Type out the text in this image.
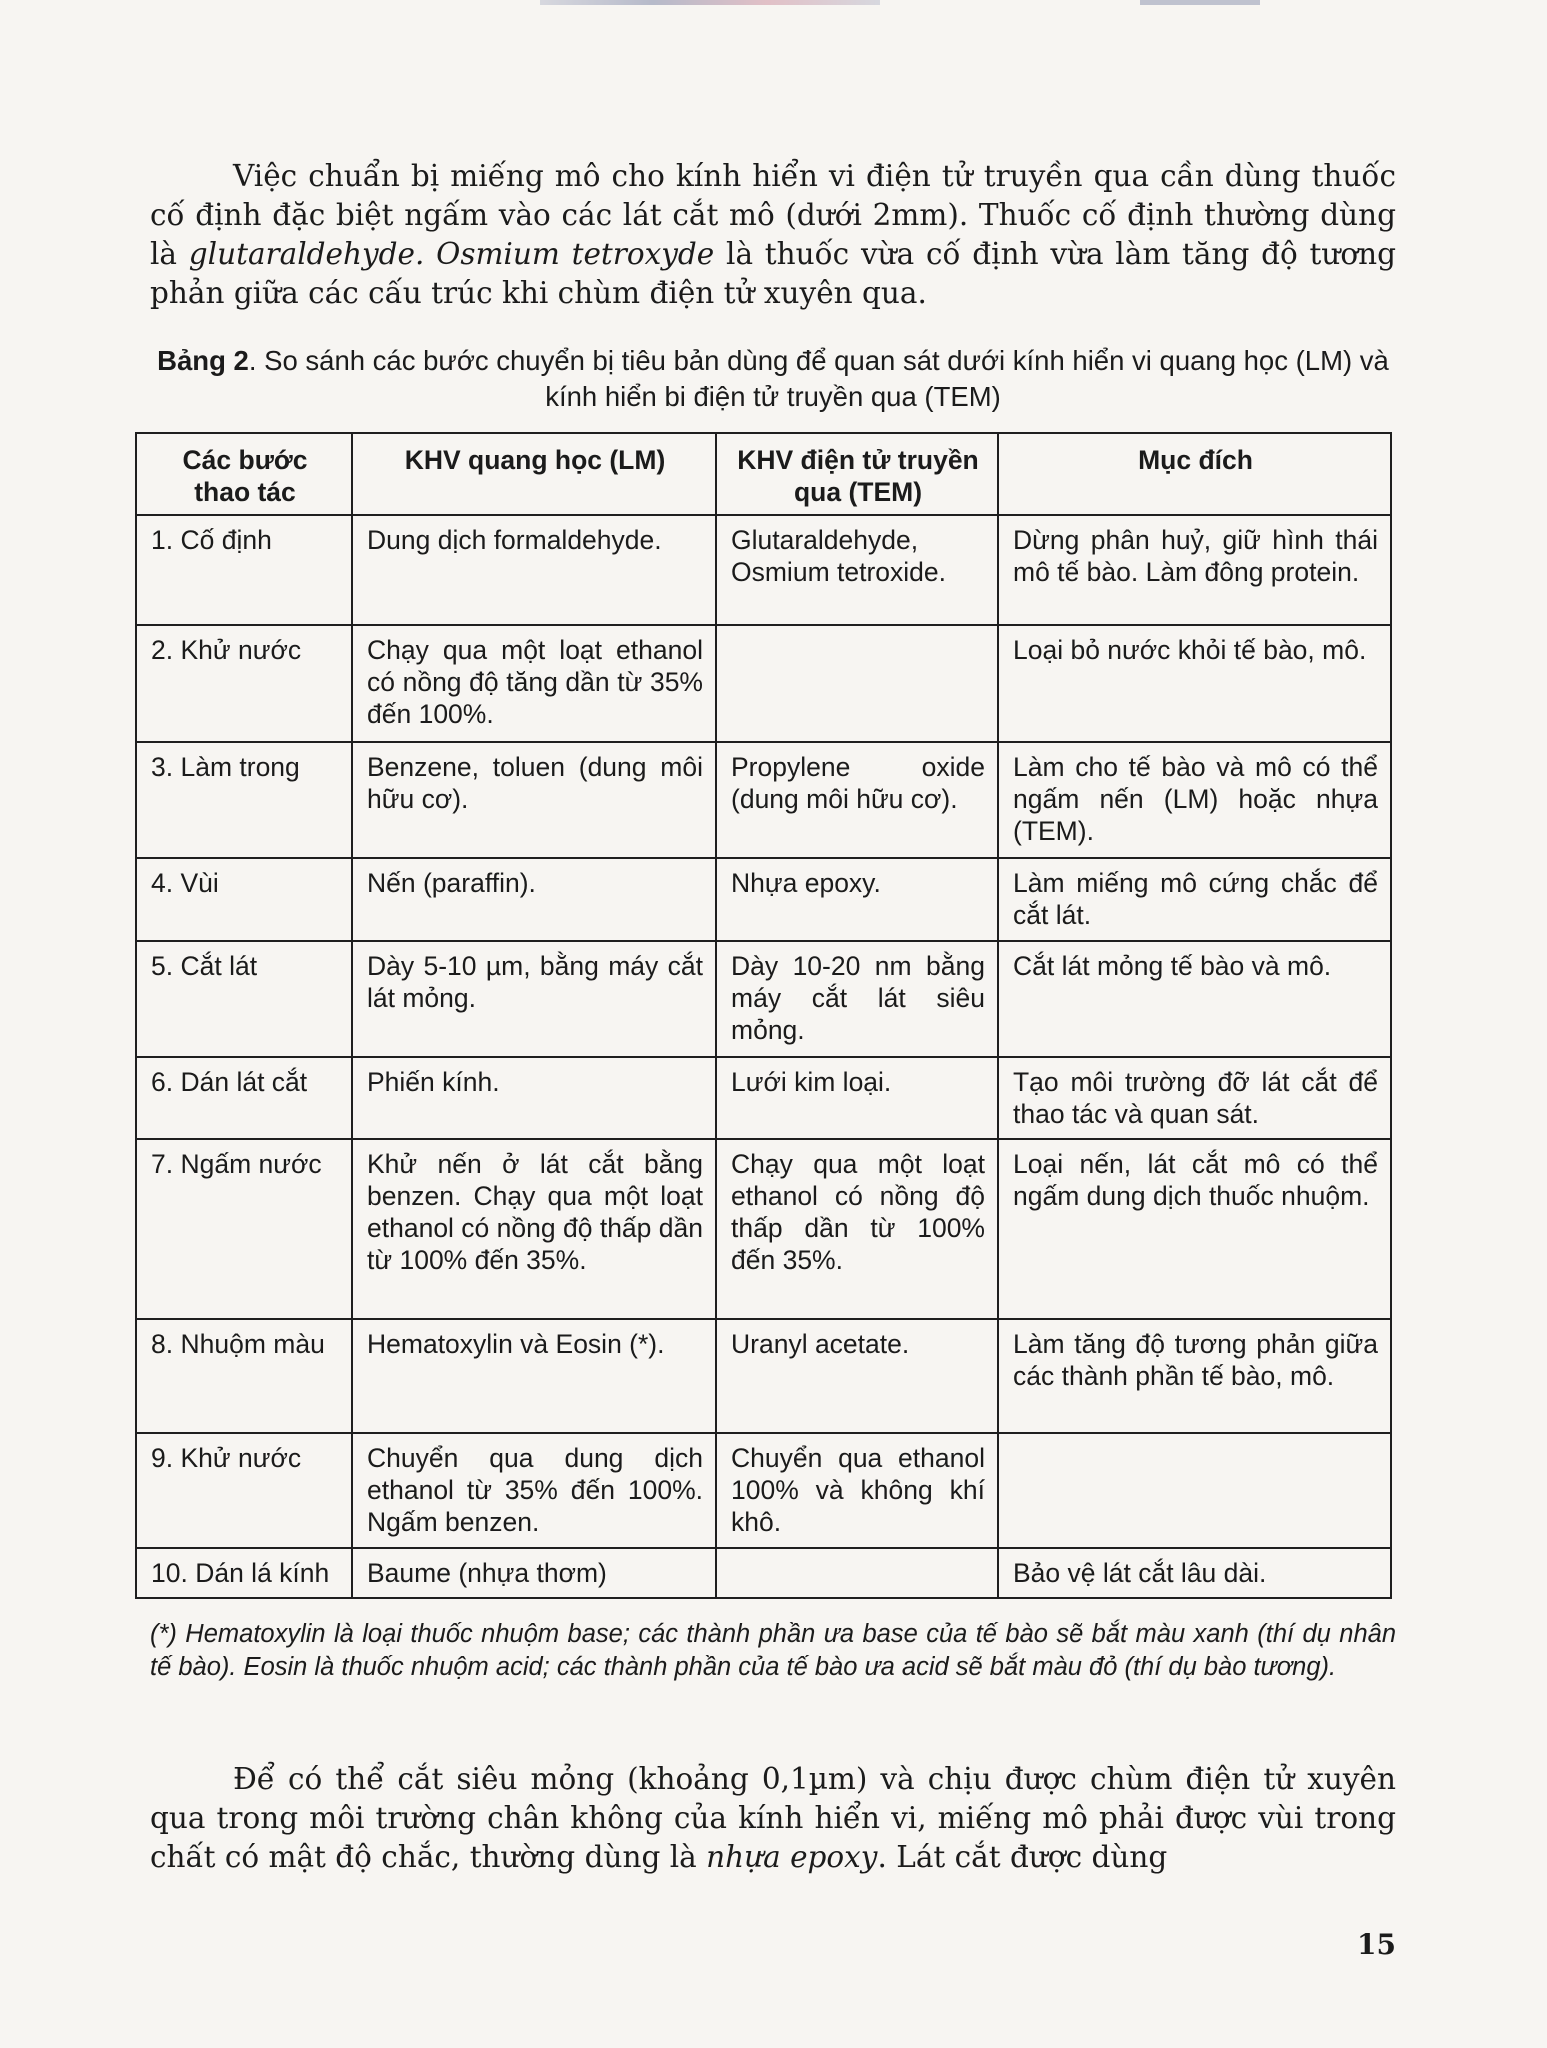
Việc chuẩn bị miếng mô cho kính hiển vi điện tử truyền qua cần dùng thuốc cố định đặc biệt ngấm vào các lát cắt mô (dưới 2mm). Thuốc cố định thường dùng là glutaraldehyde. Osmium tetroxyde là thuốc vừa cố định vừa làm tăng độ tương phản giữa các cấu trúc khi chùm điện tử xuyên qua.

Bảng 2. So sánh các bước chuyển bị tiêu bản dùng để quan sát dưới kính hiển vi quang học (LM) và kính hiển bi điện tử truyền qua (TEM)
Các bước thao tác	KHV quang học (LM)	KHV điện tử truyền qua (TEM)	Mục đích
1. Cố định	Dung dịch formaldehyde.	Glutaraldehyde, Osmium tetroxide.	Dừng phân huỷ, giữ hình thái mô tế bào. Làm đông protein.
2. Khử nước	Chạy qua một loạt ethanol có nồng độ tăng dần từ 35% đến 100%.		Loại bỏ nước khỏi tế bào, mô.
3. Làm trong	Benzene, toluen (dung môi hữu cơ).	Propylene oxide (dung môi hữu cơ).	Làm cho tế bào và mô có thể ngấm nến (LM) hoặc nhựa (TEM).
4. Vùi	Nến (paraffin).	Nhựa epoxy.	Làm miếng mô cứng chắc để cắt lát.
5. Cắt lát	Dày 5-10 µm, bằng máy cắt lát mỏng.	Dày 10-20 nm bằng máy cắt lát siêu mỏng.	Cắt lát mỏng tế bào và mô.
6. Dán lát cắt	Phiến kính.	Lưới kim loại.	Tạo môi trường đỡ lát cắt để thao tác và quan sát.
7. Ngấm nước	Khử nến ở lát cắt bằng benzen. Chạy qua một loạt ethanol có nồng độ thấp dần từ 100% đến 35%.	Chạy qua một loạt ethanol có nồng độ thấp dần từ 100% đến 35%.	Loại nến, lát cắt mô có thể ngấm dung dịch thuốc nhuộm.
8. Nhuộm màu	Hematoxylin và Eosin (*).	Uranyl acetate.	Làm tăng độ tương phản giữa các thành phần tế bào, mô.
9. Khử nước	Chuyển qua dung dịch ethanol từ 35% đến 100%. Ngấm benzen.	Chuyển qua ethanol 100% và không khí khô.	
10. Dán lá kính	Baume (nhựa thơm)		Bảo vệ lát cắt lâu dài.
(*) Hematoxylin là loại thuốc nhuộm base; các thành phần ưa base của tế bào sẽ bắt màu xanh (thí dụ nhân tế bào). Eosin là thuốc nhuộm acid; các thành phần của tế bào ưa acid sẽ bắt màu đỏ (thí dụ bào tương).

Để có thể cắt siêu mỏng (khoảng 0,1µm) và chịu được chùm điện tử xuyên qua trong môi trường chân không của kính hiển vi, miếng mô phải được vùi trong chất có mật độ chắc, thường dùng là nhựa epoxy. Lát cắt được dùng

15
